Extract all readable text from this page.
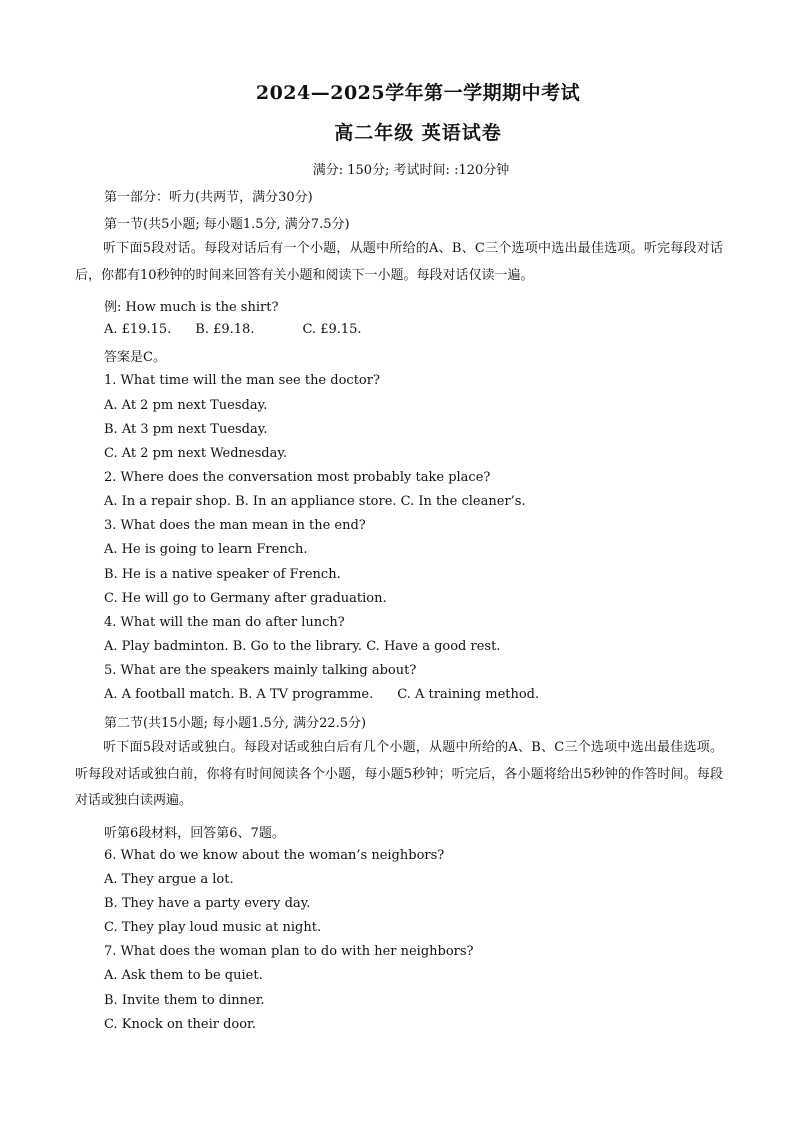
2024—2025学年第一学期期中考试
高二年级 英语试卷
满分: 150分; 考试时间: :120分钟
第一部分：听力(共两节，满分30分)
第一节(共5小题; 每小题1.5分, 满分7.5分)
听下面5段对话。每段对话后有一个小题，从题中所给的A、B、C三个选项中选出最佳选项。听完每段对话后，你都有10秒钟的时间来回答有关小题和阅读下一小题。每段对话仅读一遍。
例: How much is the shirt?
A. £19.15. B. £9.18.	C. £9.15.
答案是C。
1. What time will the man see the doctor?
A. At 2 pm next Tuesday.
B. At 3 pm next Tuesday.
C. At 2 pm next Wednesday.
2. Where does the conversation most probably take place?
A. In a repair shop. B. In an appliance store. C. In the cleaner’s.
3. What does the man mean in the end?
A. He is going to learn French.
B. He is a native speaker of French.
C. He will go to Germany after graduation.
4. What will the man do after lunch?
A. Play badminton. B. Go to the library. C. Have a good rest.
5. What are the speakers mainly talking about?
A. A football match. B. A TV programme. C. A training method.
第二节(共15小题; 每小题1.5分, 满分22.5分)
听下面5段对话或独白。每段对话或独白后有几个小题，从题中所给的A、B、C三个选项中选出最佳选项。听每段对话或独白前，你将有时间阅读各个小题，每小题5秒钟；听完后，各小题将给出5秒钟的作答时间。每段对话或独白读两遍。
听第6段材料，回答第6、7题。
6. What do we know about the woman’s neighbors?
A. They argue a lot.
B. They have a party every day.
C. They play loud music at night.
7. What does the woman plan to do with her neighbors?
A. Ask them to be quiet.
B. Invite them to dinner.
C. Knock on their door.
